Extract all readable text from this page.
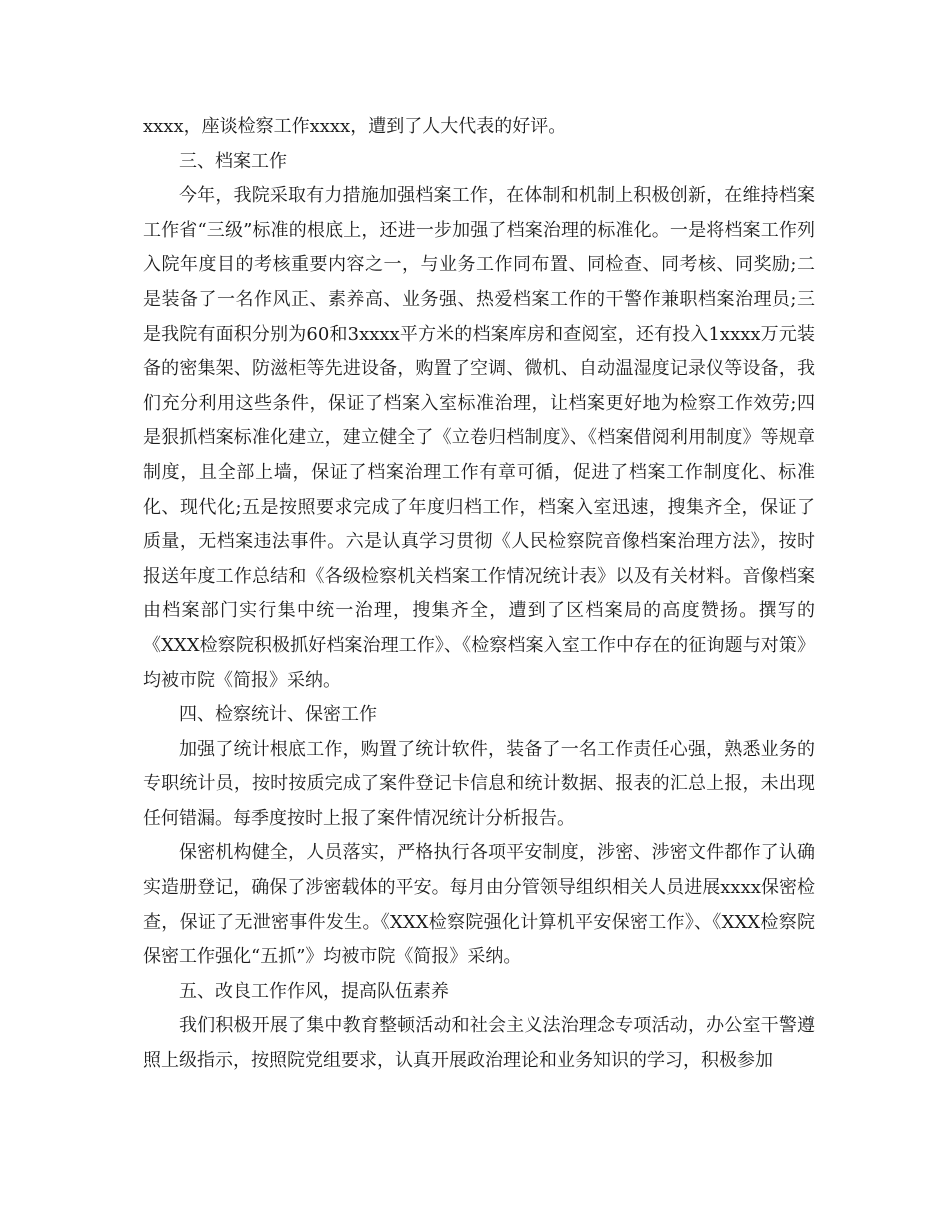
xxxx，座谈检察工作xxxx，遭到了人大代表的好评。

三、档案工作

今年，我院采取有力措施加强档案工作，在体制和机制上积极创新，在维持档案工作省“三级”标准的根底上，还进一步加强了档案治理的标准化。一是将档案工作列入院年度目的考核重要内容之一，与业务工作同布置、同检查、同考核、同奖励;二是装备了一名作风正、素养高、业务强、热爱档案工作的干警作兼职档案治理员;三是我院有面积分别为60和3xxxx平方米的档案库房和查阅室，还有投入1xxxx万元装备的密集架、防滋柜等先进设备，购置了空调、微机、自动温湿度记录仪等设备，我们充分利用这些条件，保证了档案入室标准治理，让档案更好地为检察工作效劳;四是狠抓档案标准化建立，建立健全了《立卷归档制度》、《档案借阅利用制度》等规章制度，且全部上墙，保证了档案治理工作有章可循，促进了档案工作制度化、标准化、现代化;五是按照要求完成了年度归档工作，档案入室迅速，搜集齐全，保证了质量，无档案违法事件。六是认真学习贯彻《人民检察院音像档案治理方法》，按时报送年度工作总结和《各级检察机关档案工作情况统计表》以及有关材料。音像档案由档案部门实行集中统一治理，搜集齐全，遭到了区档案局的高度赞扬。撰写的《XXX检察院积极抓好档案治理工作》、《检察档案入室工作中存在的征询题与对策》均被市院《简报》采纳。

四、检察统计、保密工作

加强了统计根底工作，购置了统计软件，装备了一名工作责任心强，熟悉业务的专职统计员，按时按质完成了案件登记卡信息和统计数据、报表的汇总上报，未出现任何错漏。每季度按时上报了案件情况统计分析报告。

保密机构健全，人员落实，严格执行各项平安制度，涉密、涉密文件都作了认确实造册登记，确保了涉密载体的平安。每月由分管领导组织相关人员进展xxxx保密检查，保证了无泄密事件发生。《XXX检察院强化计算机平安保密工作》、《XXX检察院保密工作强化“五抓”》均被市院《简报》采纳。

五、改良工作作风，提高队伍素养

我们积极开展了集中教育整顿活动和社会主义法治理念专项活动，办公室干警遵照上级指示，按照院党组要求，认真开展政治理论和业务知识的学习，积极参加
